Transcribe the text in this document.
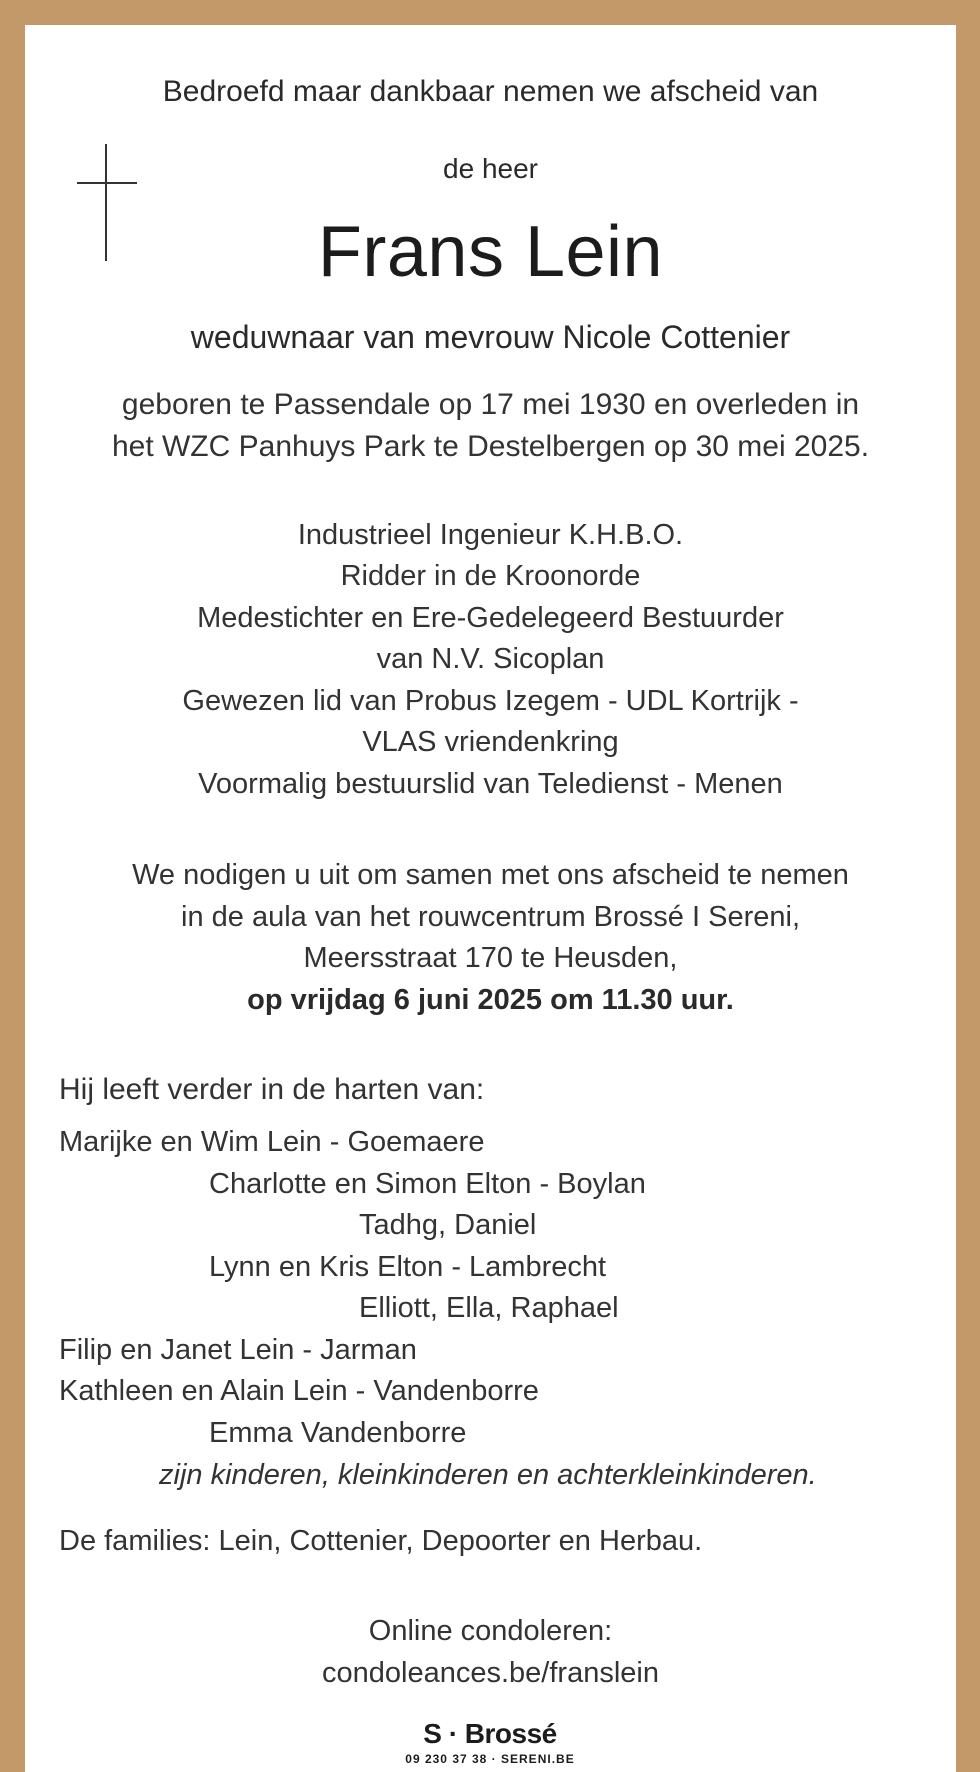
Bedroefd maar dankbaar nemen we afscheid van
de heer
Frans Lein
weduwnaar van mevrouw Nicole Cottenier
geboren te Passendale op 17 mei 1930 en overleden in
het WZC Panhuys Park te Destelbergen op 30 mei 2025.
Industrieel Ingenieur K.H.B.O.
Ridder in de Kroonorde
Medestichter en Ere-Gedelegeerd Bestuurder
van N.V. Sicoplan
Gewezen lid van Probus Izegem - UDL Kortrijk -
VLAS vriendenkring
Voormalig bestuurslid van Teledienst - Menen
We nodigen u uit om samen met ons afscheid te nemen
in de aula van het rouwcentrum Brossé I Sereni,
Meersstraat 170 te Heusden,
op vrijdag 6 juni 2025 om 11.30 uur.
Hij leeft verder in de harten van:
Marijke en Wim Lein - Goemaere
Charlotte en Simon Elton - Boylan
Tadhg, Daniel
Lynn en Kris Elton - Lambrecht
Elliott, Ella, Raphael
Filip en Janet Lein - Jarman
Kathleen en Alain Lein - Vandenborre
Emma Vandenborre
zijn kinderen, kleinkinderen en achterkleinkinderen.
De families: Lein, Cottenier, Depoorter en Herbau.
Online condoleren:
condoleances.be/franslein
S · Brossé
09 230 37 38 · SERENI.BE
